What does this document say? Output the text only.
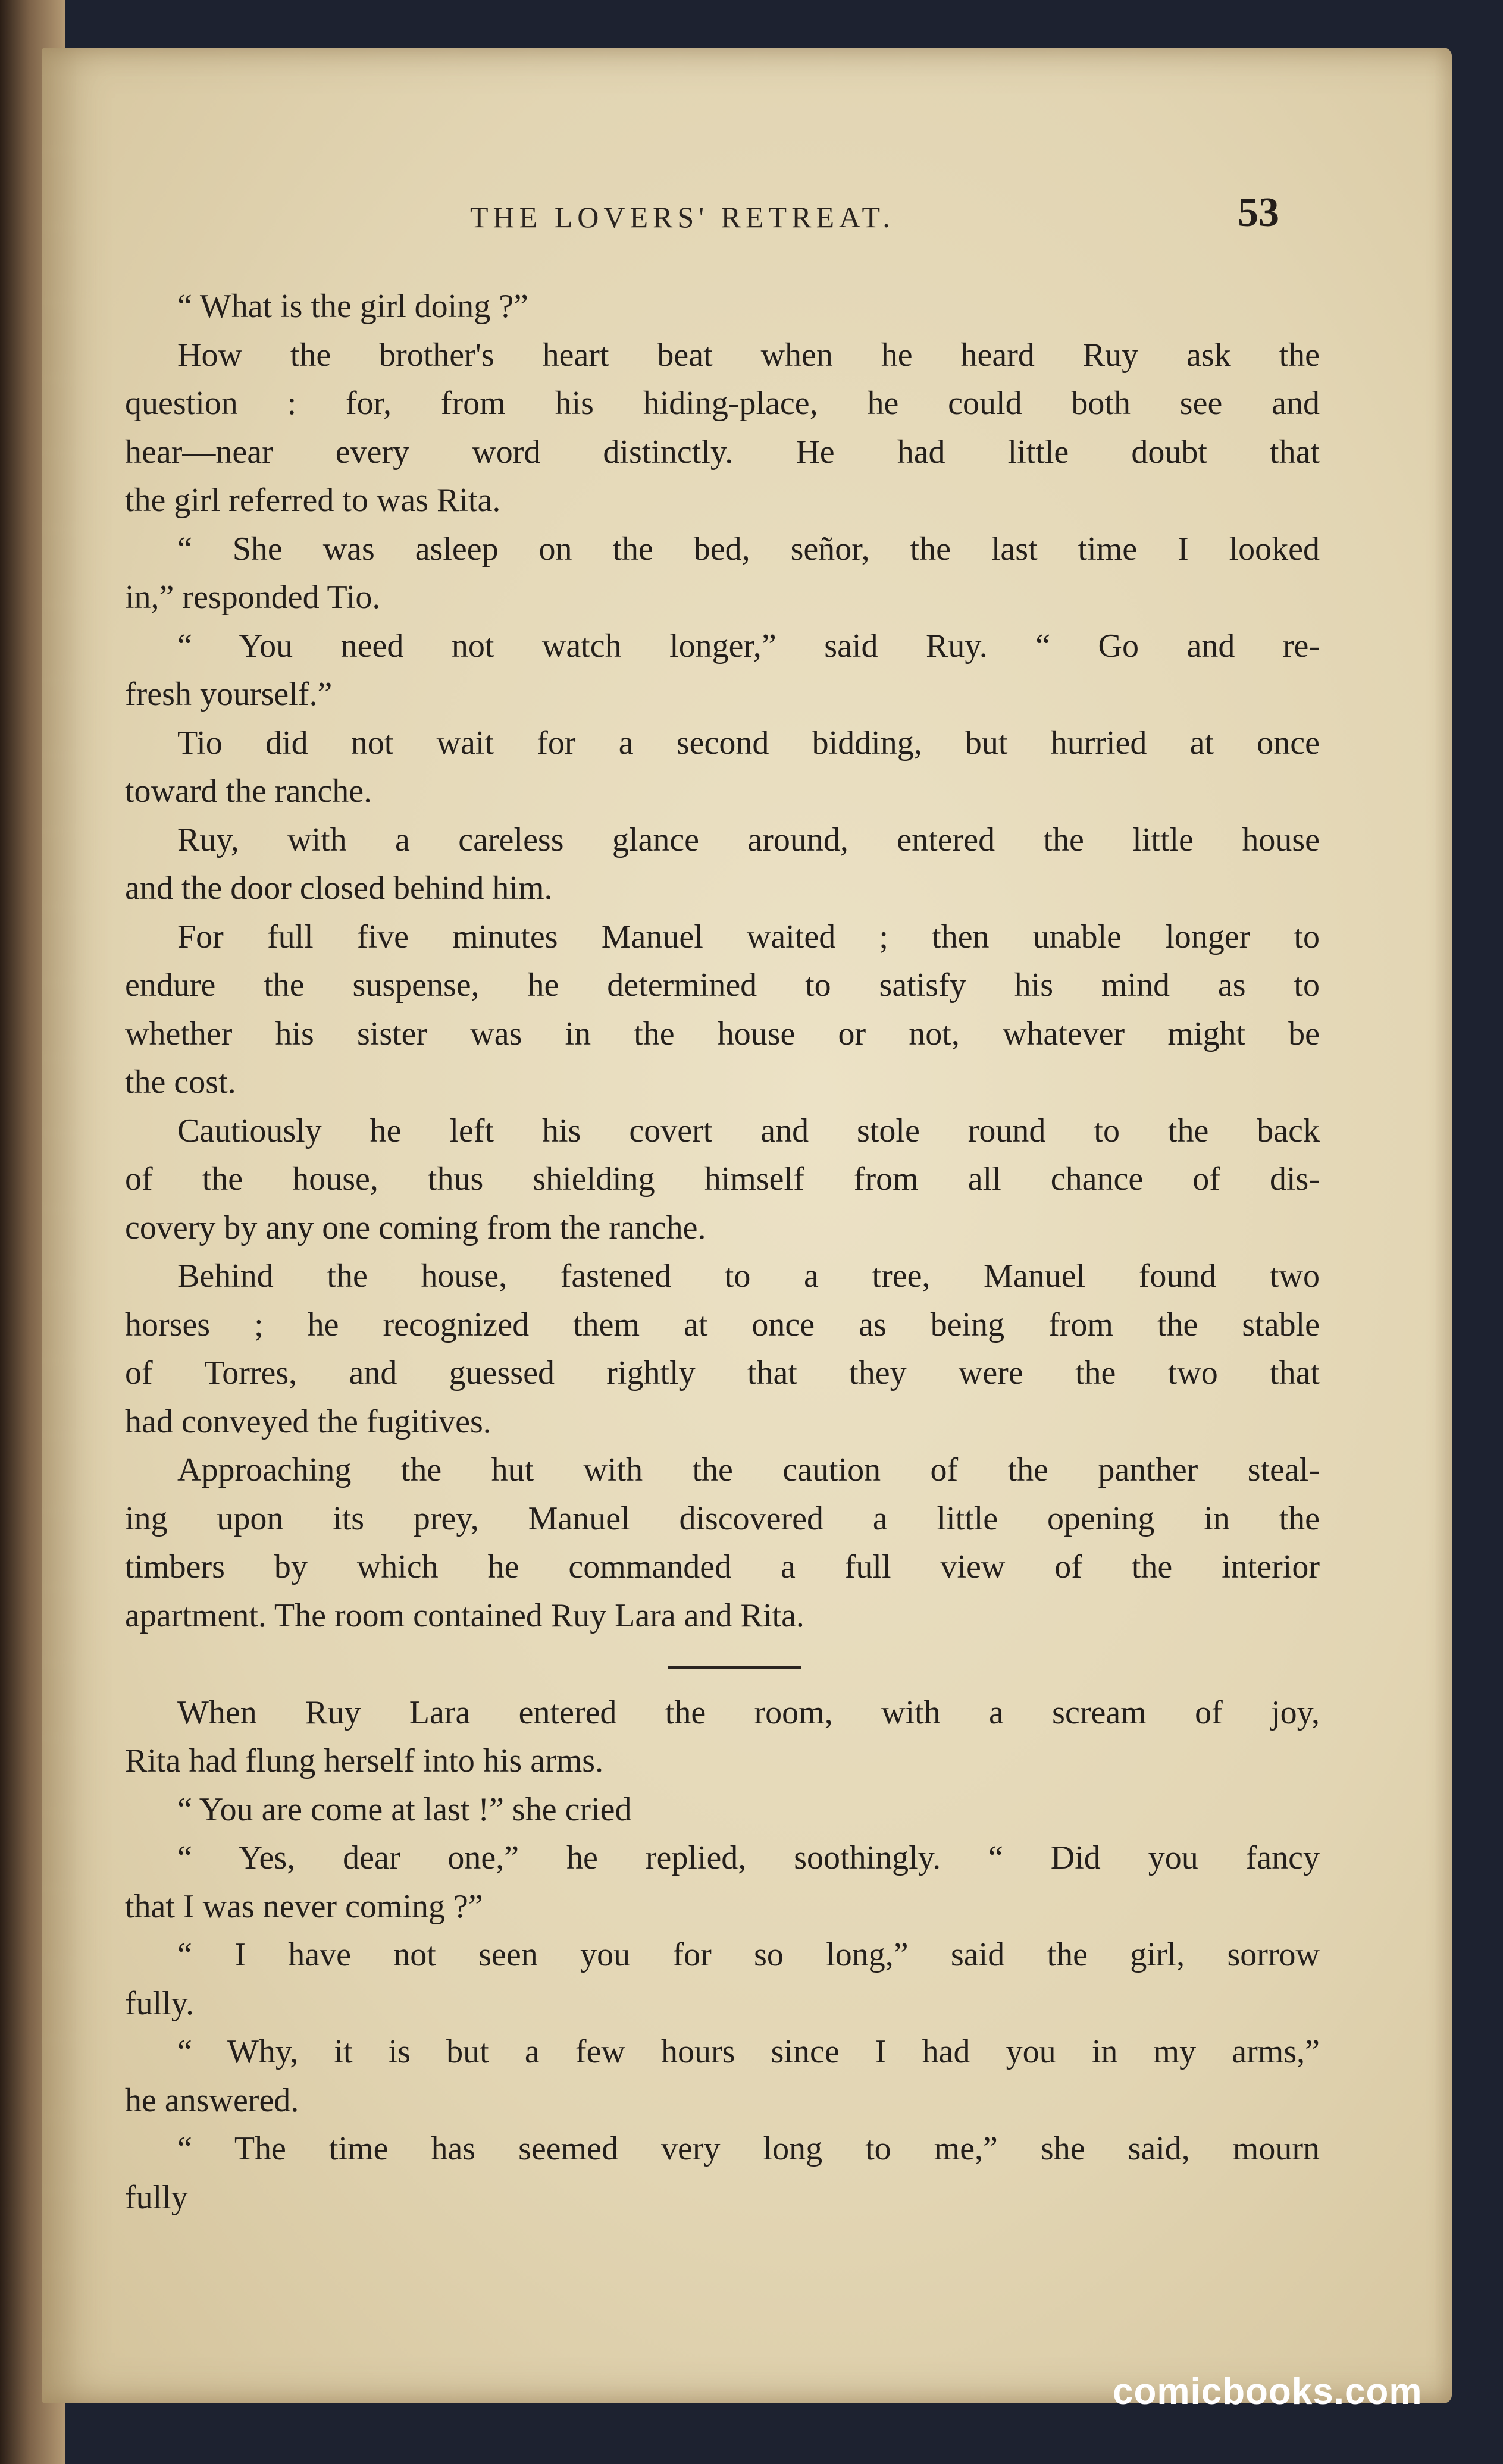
THE LOVERS' RETREAT.	53
“ What is the girl doing ?”
How the brother's heart beat when he heard Ruy ask the
question : for, from his hiding-place, he could both see and
hear—near every word distinctly. He had little doubt that
the girl referred to was Rita.
“ She was asleep on the bed, señor, the last time I looked
in,” responded Tio.
“ You need not watch longer,” said Ruy. “ Go and re-
fresh yourself.”
Tio did not wait for a second bidding, but hurried at once
toward the ranche.
Ruy, with a careless glance around, entered the little house
and the door closed behind him.
For full five minutes Manuel waited ; then unable longer to
endure the suspense, he determined to satisfy his mind as to
whether his sister was in the house or not, whatever might be
the cost.
Cautiously he left his covert and stole round to the back
of the house, thus shielding himself from all chance of dis-
covery by any one coming from the ranche.
Behind the house, fastened to a tree, Manuel found two
horses ; he recognized them at once as being from the stable
of Torres, and guessed rightly that they were the two that
had conveyed the fugitives.
Approaching the hut with the caution of the panther steal-
ing upon its prey, Manuel discovered a little opening in the
timbers by which he commanded a full view of the interior
apartment. The room contained Ruy Lara and Rita.
When Ruy Lara entered the room, with a scream of joy,
Rita had flung herself into his arms.
“ You are come at last !” she cried
“ Yes, dear one,” he replied, soothingly. “ Did you fancy
that I was never coming ?”
“ I have not seen you for so long,” said the girl, sorrow
fully.
“ Why, it is but a few hours since I had you in my arms,”
he answered.
“ The time has seemed very long to me,” she said, mourn
fully
comicbooks.com
